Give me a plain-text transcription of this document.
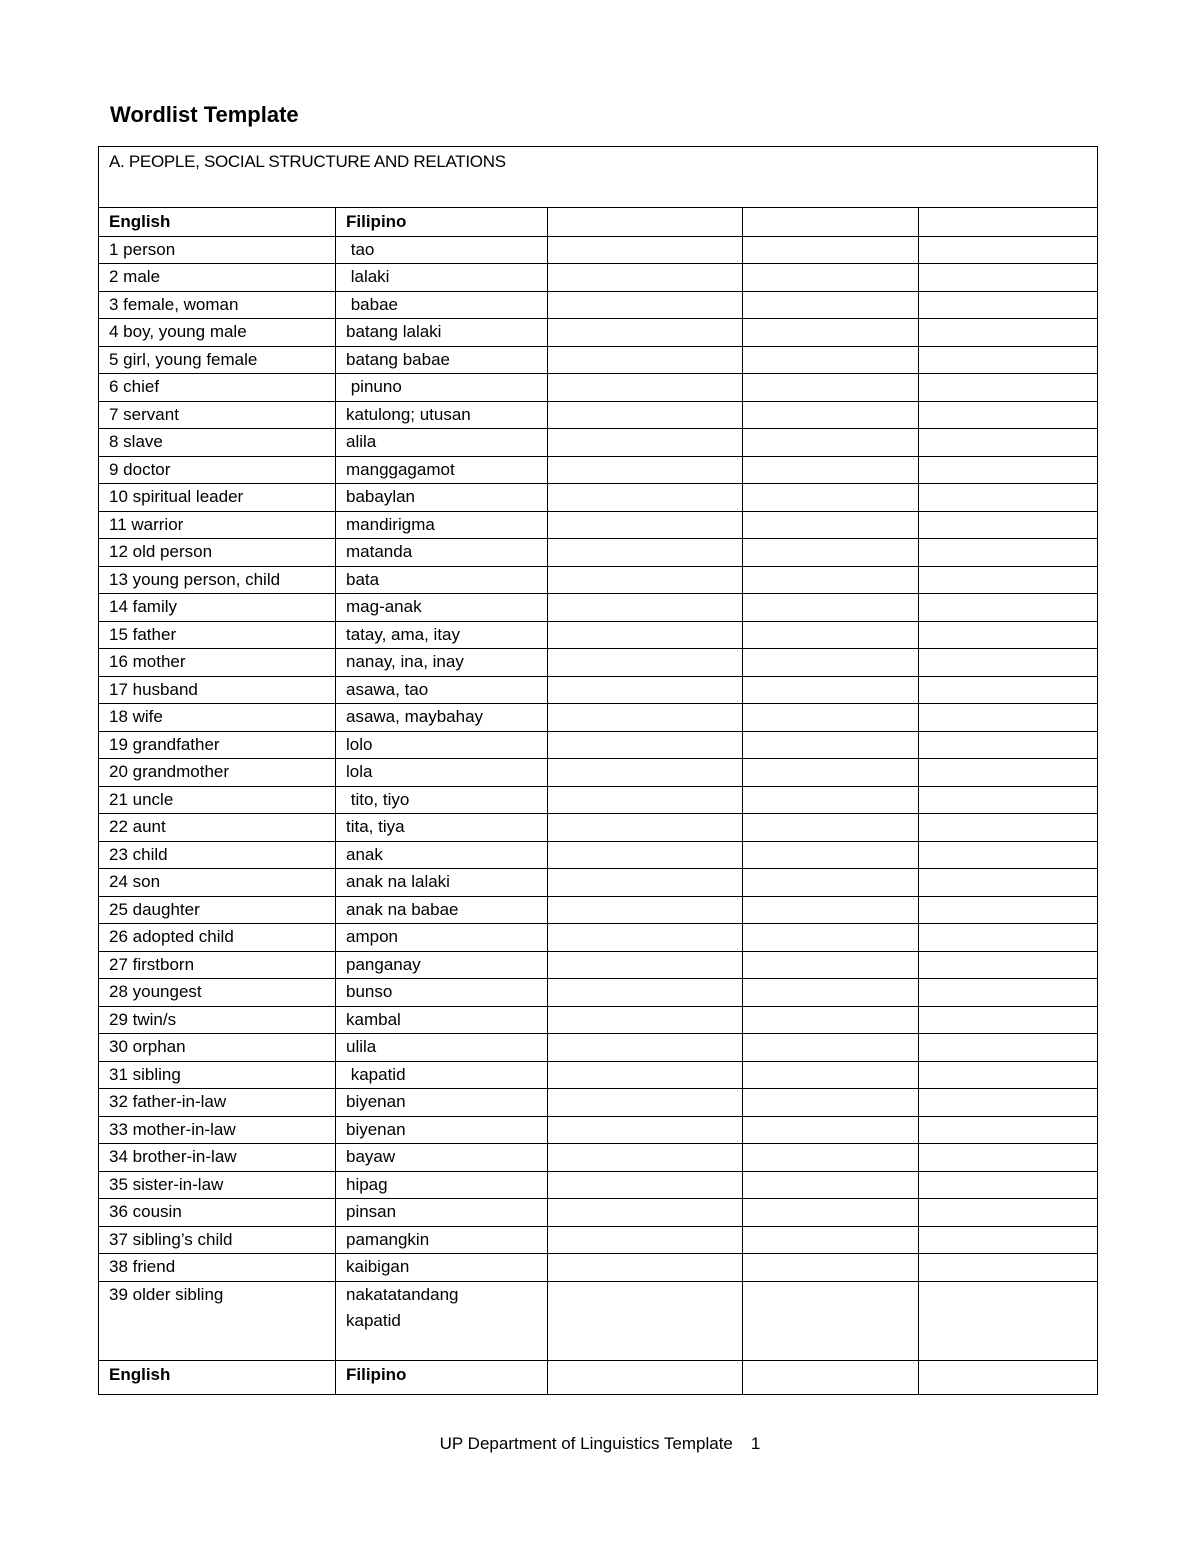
Wordlist Template
A. PEOPLE, SOCIAL STRUCTURE AND RELATIONS				
English	Filipino			
1 person	tao			
2 male	lalaki			
3 female, woman	babae			
4 boy, young male	batang lalaki			
5 girl, young female	batang babae			
6 chief	pinuno			
7 servant	katulong; utusan			
8 slave	alila			
9 doctor	manggagamot			
10 spiritual leader	babaylan			
11 warrior	mandirigma			
12 old person	matanda			
13 young person, child	bata			
14 family	mag-anak			
15 father	tatay, ama, itay			
16 mother	nanay, ina, inay			
17 husband	asawa, tao			
18 wife	asawa, maybahay			
19 grandfather	lolo			
20 grandmother	lola			
21 uncle	tito, tiyo			
22 aunt	tita, tiya			
23 child	anak			
24 son	anak na lalaki			
25 daughter	anak na babae			
26 adopted child	ampon			
27 firstborn	panganay			
28 youngest	bunso			
29 twin/s	kambal			
30 orphan	ulila			
31 sibling	kapatid			
32 father-in-law	biyenan			
33 mother-in-law	biyenan			
34 brother-in-law	bayaw			
35 sister-in-law	hipag			
36 cousin	pinsan			
37 sibling’s child	pamangkin			
38 friend	kaibigan			
39 older sibling	nakatatandang
kapatid			

English	Filipino			
UP Department of Linguistics Template 1
